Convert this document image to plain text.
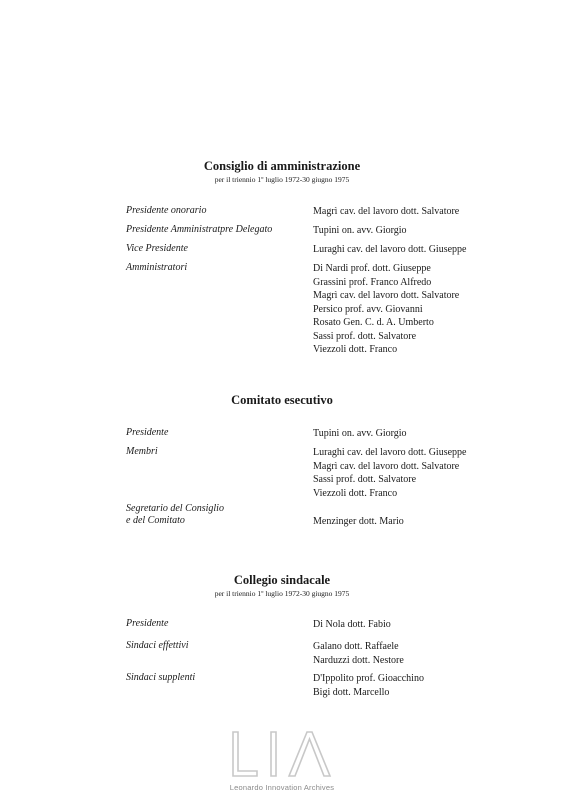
Consiglio di amministrazione

per il triennio 1º luglio 1972-30 giugno 1975

Presidente onorario	Magrì cav. del lavoro dott. Salvatore
Presidente Amministratpre Delegato	Tupini on. avv. Giorgio
Vice Presidente	Luraghi cav. del lavoro dott. Giuseppe
Amministratori	Di Nardi prof. dott. Giuseppe
Grassini prof. Franco Alfredo
Magrì cav. del lavoro dott. Salvatore
Persico prof. avv. Giovanni
Rosato Gen. C. d. A. Umberto
Sassi prof. dott. Salvatore
Viezzoli dott. Franco
Comitato esecutivo
Presidente	Tupini on. avv. Giorgio
Membri	Luraghi cav. del lavoro dott. Giuseppe
Magrì cav. del lavoro dott. Salvatore
Sassi prof. dott. Salvatore
Viezzoli dott. Franco
Segretario del Consiglio
e del Comitato	Menzinger dott. Mario
Collegio sindacale

per il triennio 1º luglio 1972-30 giugno 1975

Presidente	Di Nola dott. Fabio
Sindaci effettivi	Galano dott. Raffaele
Narduzzi dott. Nestore
Sindaci supplenti	D'Ippolito prof. Gioacchino
Bigi dott. Marcello
Leonardo Innovation Archives
